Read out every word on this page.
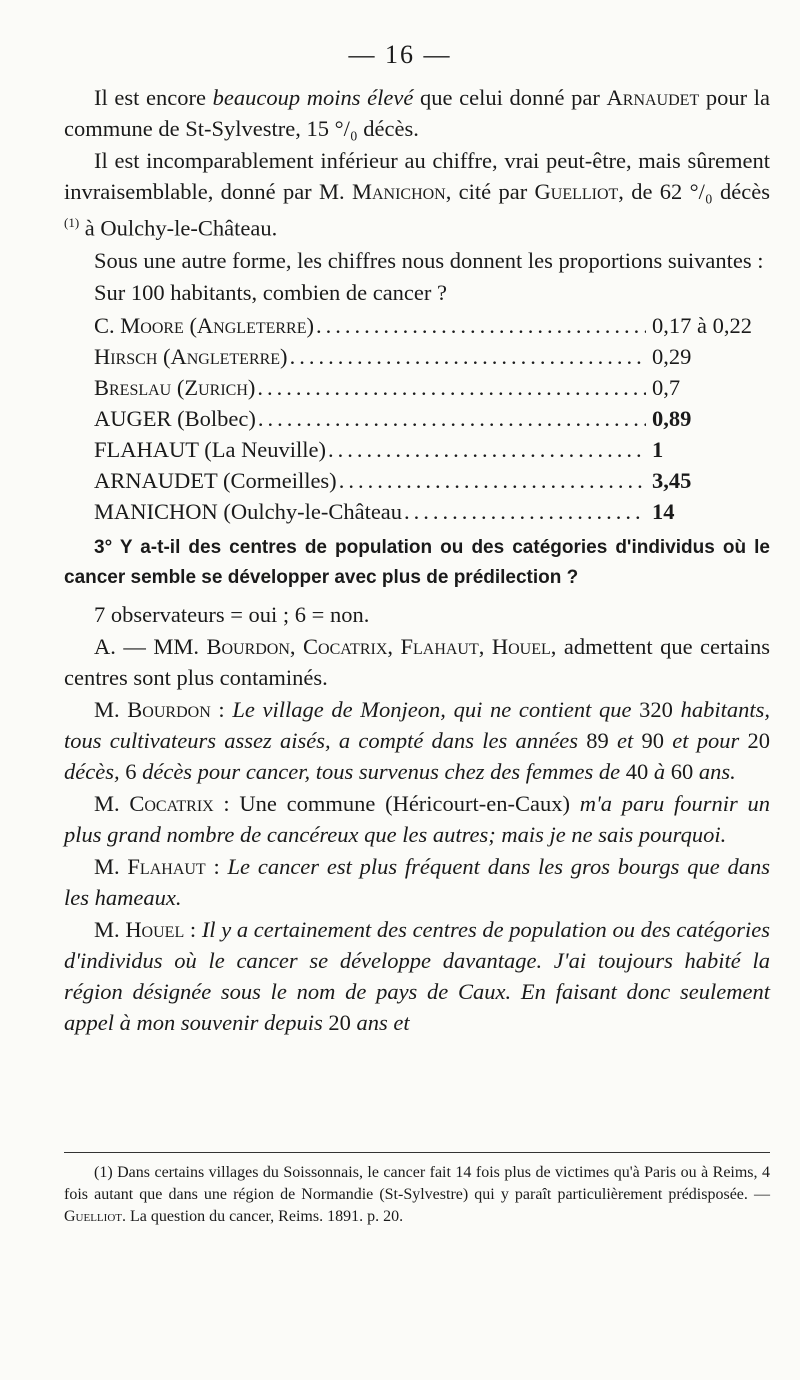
— 16 —

Il est encore beaucoup moins élevé que celui donné par Arnaudet pour la commune de St-Sylvestre, 15 °/₀ décès.

Il est incomparablement inférieur au chiffre, vrai peut-être, mais sûrement invraisemblable, donné par M. Manichon, cité par Guelliot, de 62 °/₀ décès $^{(1)}$ à Oulchy-le-Château.

Sous une autre forme, les chiffres nous donnent les proportions suivantes :

Sur 100 habitants, combien de cancer ?

C. Moore (Angleterre) .....	0,17 à 0,22
Hirsch (Angleterre) .....	0,29
Breslau (Zurich) .....	0,7
AUGER (Bolbec) .....	0,89
FLAHAUT (La Neuville) .....	1
ARNAUDET (Cormeilles) .....	3,45
MANICHON (Oulchy-le-Château .....	14

3° Y a-t-il des centres de population ou des catégories d'individus où le cancer semble se développer avec plus de prédilection ?

7 observateurs = oui ; 6 = non.

A. — MM. Bourdon, Cocatrix, Flahaut, Houel, admettent que certains centres sont plus contaminés.

M. Bourdon : Le village de Monjeon, qui ne contient que 320 habitants, tous cultivateurs assez aisés, a compté dans les années 89 et 90 et pour 20 décès, 6 décès pour cancer, tous survenus chez des femmes de 40 à 60 ans.

M. Cocatrix : Une commune (Héricourt-en-Caux) m'a paru fournir un plus grand nombre de cancéreux que les autres; mais je ne sais pourquoi.

M. Flahaut : Le cancer est plus fréquent dans les gros bourgs que dans les hameaux.

M. Houel : Il y a certainement des centres de population ou des catégories d'individus où le cancer se développe davantage. J'ai toujours habité la région désignée sous le nom de pays de Caux. En faisant donc seulement appel à mon souvenir depuis 20 ans et

(1) Dans certains villages du Soissonnais, le cancer fait 14 fois plus de victimes qu'à Paris ou à Reims, 4 fois autant que dans une région de Normandie (St-Sylvestre) qui y paraît particulièrement prédisposée. — Guelliot. La question du cancer, Reims. 1891. p. 20.
